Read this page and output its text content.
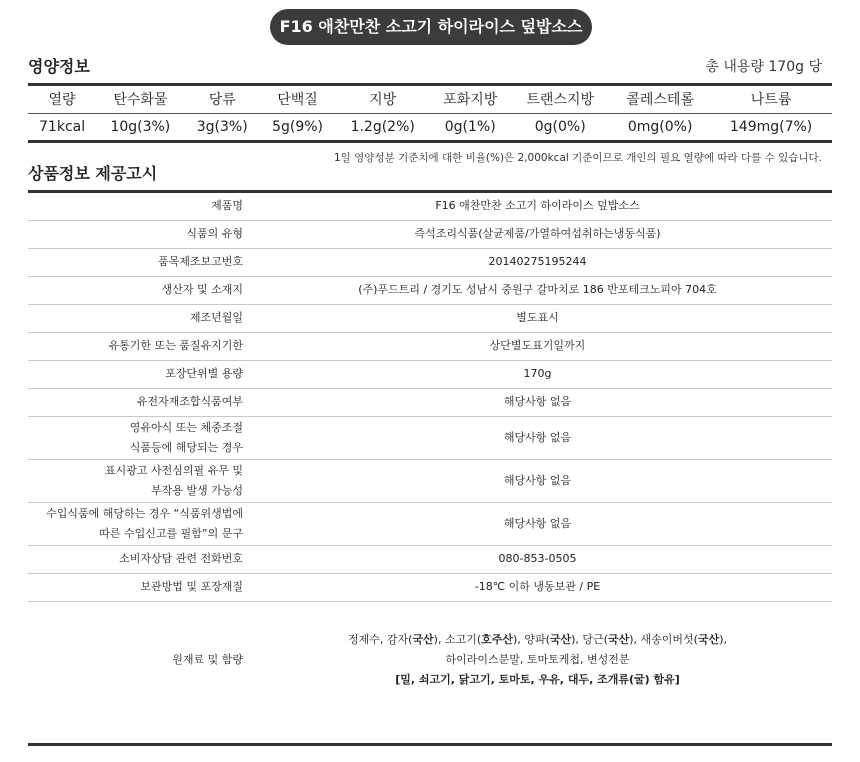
F16 애찬만찬 소고기 하이라이스 덮밥소스
영양정보	총 내용량 170g 당
열량	탄수화물	당류	단백질	지방	포화지방	트랜스지방	콜레스테롤	나트륨
71kcal	10g(3%)	3g(3%)	5g(9%)	1.2g(2%)	0g(1%)	0g(0%)	0mg(0%)	149mg(7%)
1일 영양성분 기준치에 대한 비율(%)은 2,000kcal 기준이므로 개인의 필요 열량에 따라 다를 수 있습니다.
상품정보 제공고시
제품명	F16 애찬만찬 소고기 하이라이스 덮밥소스

식품의 유형	즉석조리식품(살균제품/가열하여섭취하는냉동식품)

품목제조보고번호	20140275195244

생산자 및 소재지	(주)푸드트리 / 경기도 성남시 중원구 갈마치로 186 반포테크노피아 704호

제조년월일	별도표시

유통기한 또는 품질유지기한	상단별도표기일까지

포장단위별 용량	170g

유전자재조합식품여부	해당사항 없음

영유아식 또는 체중조절
식품등에 해당되는 경우	해당사항 없음

표시광고 사전심의필 유무 및
부작용 발생 가능성	해당사항 없음

수입식품에 해당하는 경우 “식품위생법에
따른 수입신고를 필함”의 문구	해당사항 없음

소비자상담 관련 전화번호	080-853-0505

보관방법 및 포장재질	-18℃ 이하 냉동보관 / PE

원재료 및 함량	정제수, 감자(국산), 소고기(호주산), 양파(국산), 당근(국산), 새송이버섯(국산),
하이라이스분말, 토마토케첩, 변성전분
[밀, 쇠고기, 닭고기, 토마토, 우유, 대두, 조개류(굴) 함유]
